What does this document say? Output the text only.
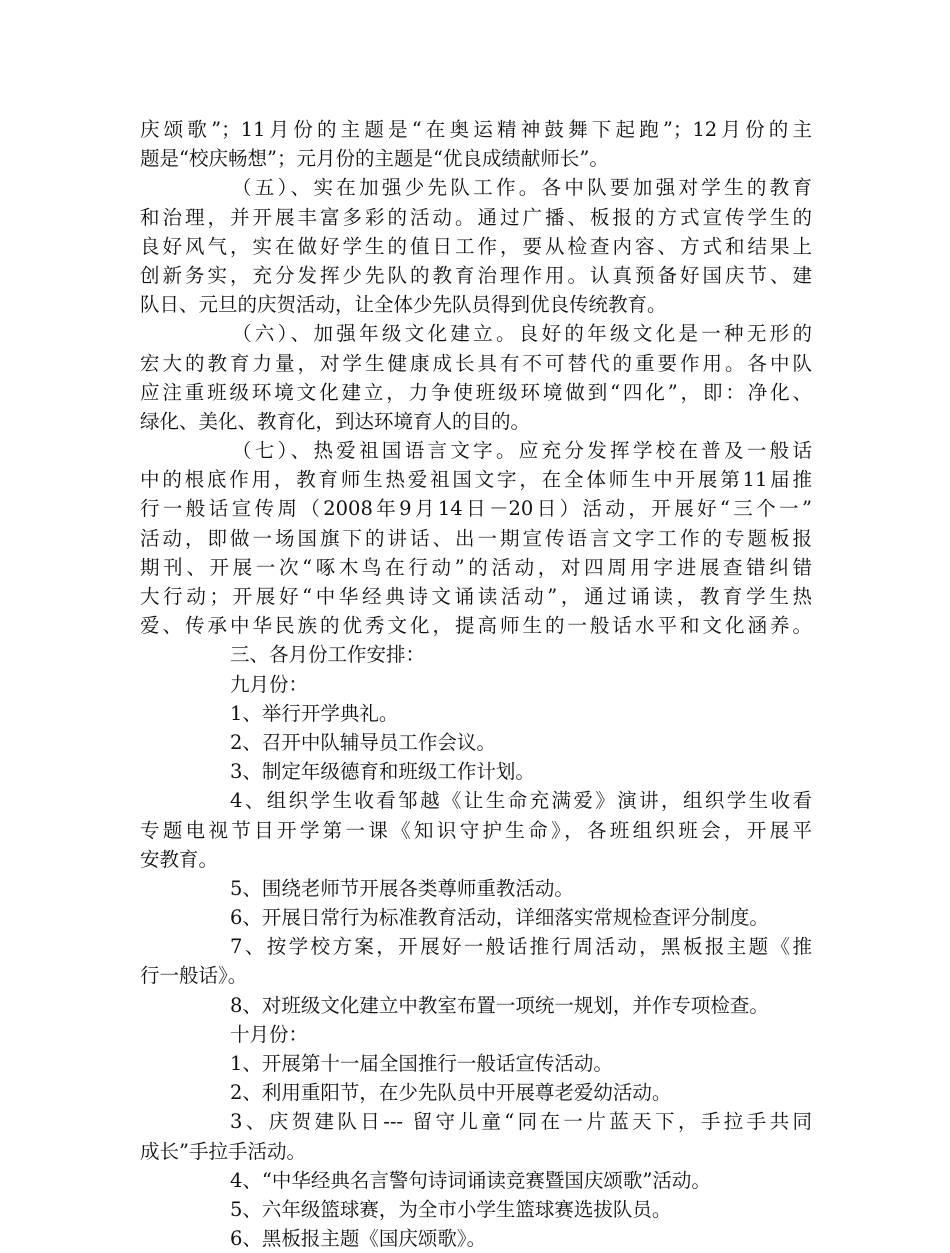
庆颂歌”；11月份的主题是“在奥运精神鼓舞下起跑”；12月份的主
题是“校庆畅想”；元月份的主题是“优良成绩献师长”。
（五）、实在加强少先队工作。各中队要加强对学生的教育
和治理，并开展丰富多彩的活动。通过广播、板报的方式宣传学生的
良好风气，实在做好学生的值日工作，要从检查内容、方式和结果上
创新务实，充分发挥少先队的教育治理作用。认真预备好国庆节、建
队日、元旦的庆贺活动，让全体少先队员得到优良传统教育。
（六）、加强年级文化建立。良好的年级文化是一种无形的
宏大的教育力量，对学生健康成长具有不可替代的重要作用。各中队
应注重班级环境文化建立，力争使班级环境做到“四化”，即：净化、
绿化、美化、教育化，到达环境育人的目的。
（七）、热爱祖国语言文字。应充分发挥学校在普及一般话
中的根底作用，教育师生热爱祖国文字，在全体师生中开展第11届推
行一般话宣传周（2008年9月14日－20日）活动，开展好“三个一”
活动，即做一场国旗下的讲话、出一期宣传语言文字工作的专题板报
期刊、开展一次“啄木鸟在行动”的活动，对四周用字进展查错纠错
大行动；开展好“中华经典诗文诵读活动”，通过诵读，教育学生热
爱、传承中华民族的优秀文化，提高师生的一般话水平和文化涵养。
三、各月份工作安排：
九月份：
1、举行开学典礼。
2、召开中队辅导员工作会议。
3、制定年级德育和班级工作计划。
4、组织学生收看邹越《让生命充满爱》演讲，组织学生收看
专题电视节目开学第一课《知识守护生命》，各班组织班会，开展平
安教育。
5、围绕老师节开展各类尊师重教活动。
6、开展日常行为标准教育活动，详细落实常规检查评分制度。
7、按学校方案，开展好一般话推行周活动，黑板报主题《推
行一般话》。
8、对班级文化建立中教室布置一项统一规划，并作专项检查。
十月份：
1、开展第十一届全国推行一般话宣传活动。
2、利用重阳节，在少先队员中开展尊老爱幼活动。
3、庆贺建队日--- 留守儿童“同在一片蓝天下，手拉手共同
成长”手拉手活动。
4、“中华经典名言警句诗词诵读竞赛暨国庆颂歌”活动。
5、六年级篮球赛，为全市小学生篮球赛选拔队员。
6、黑板报主题《国庆颂歌》。
